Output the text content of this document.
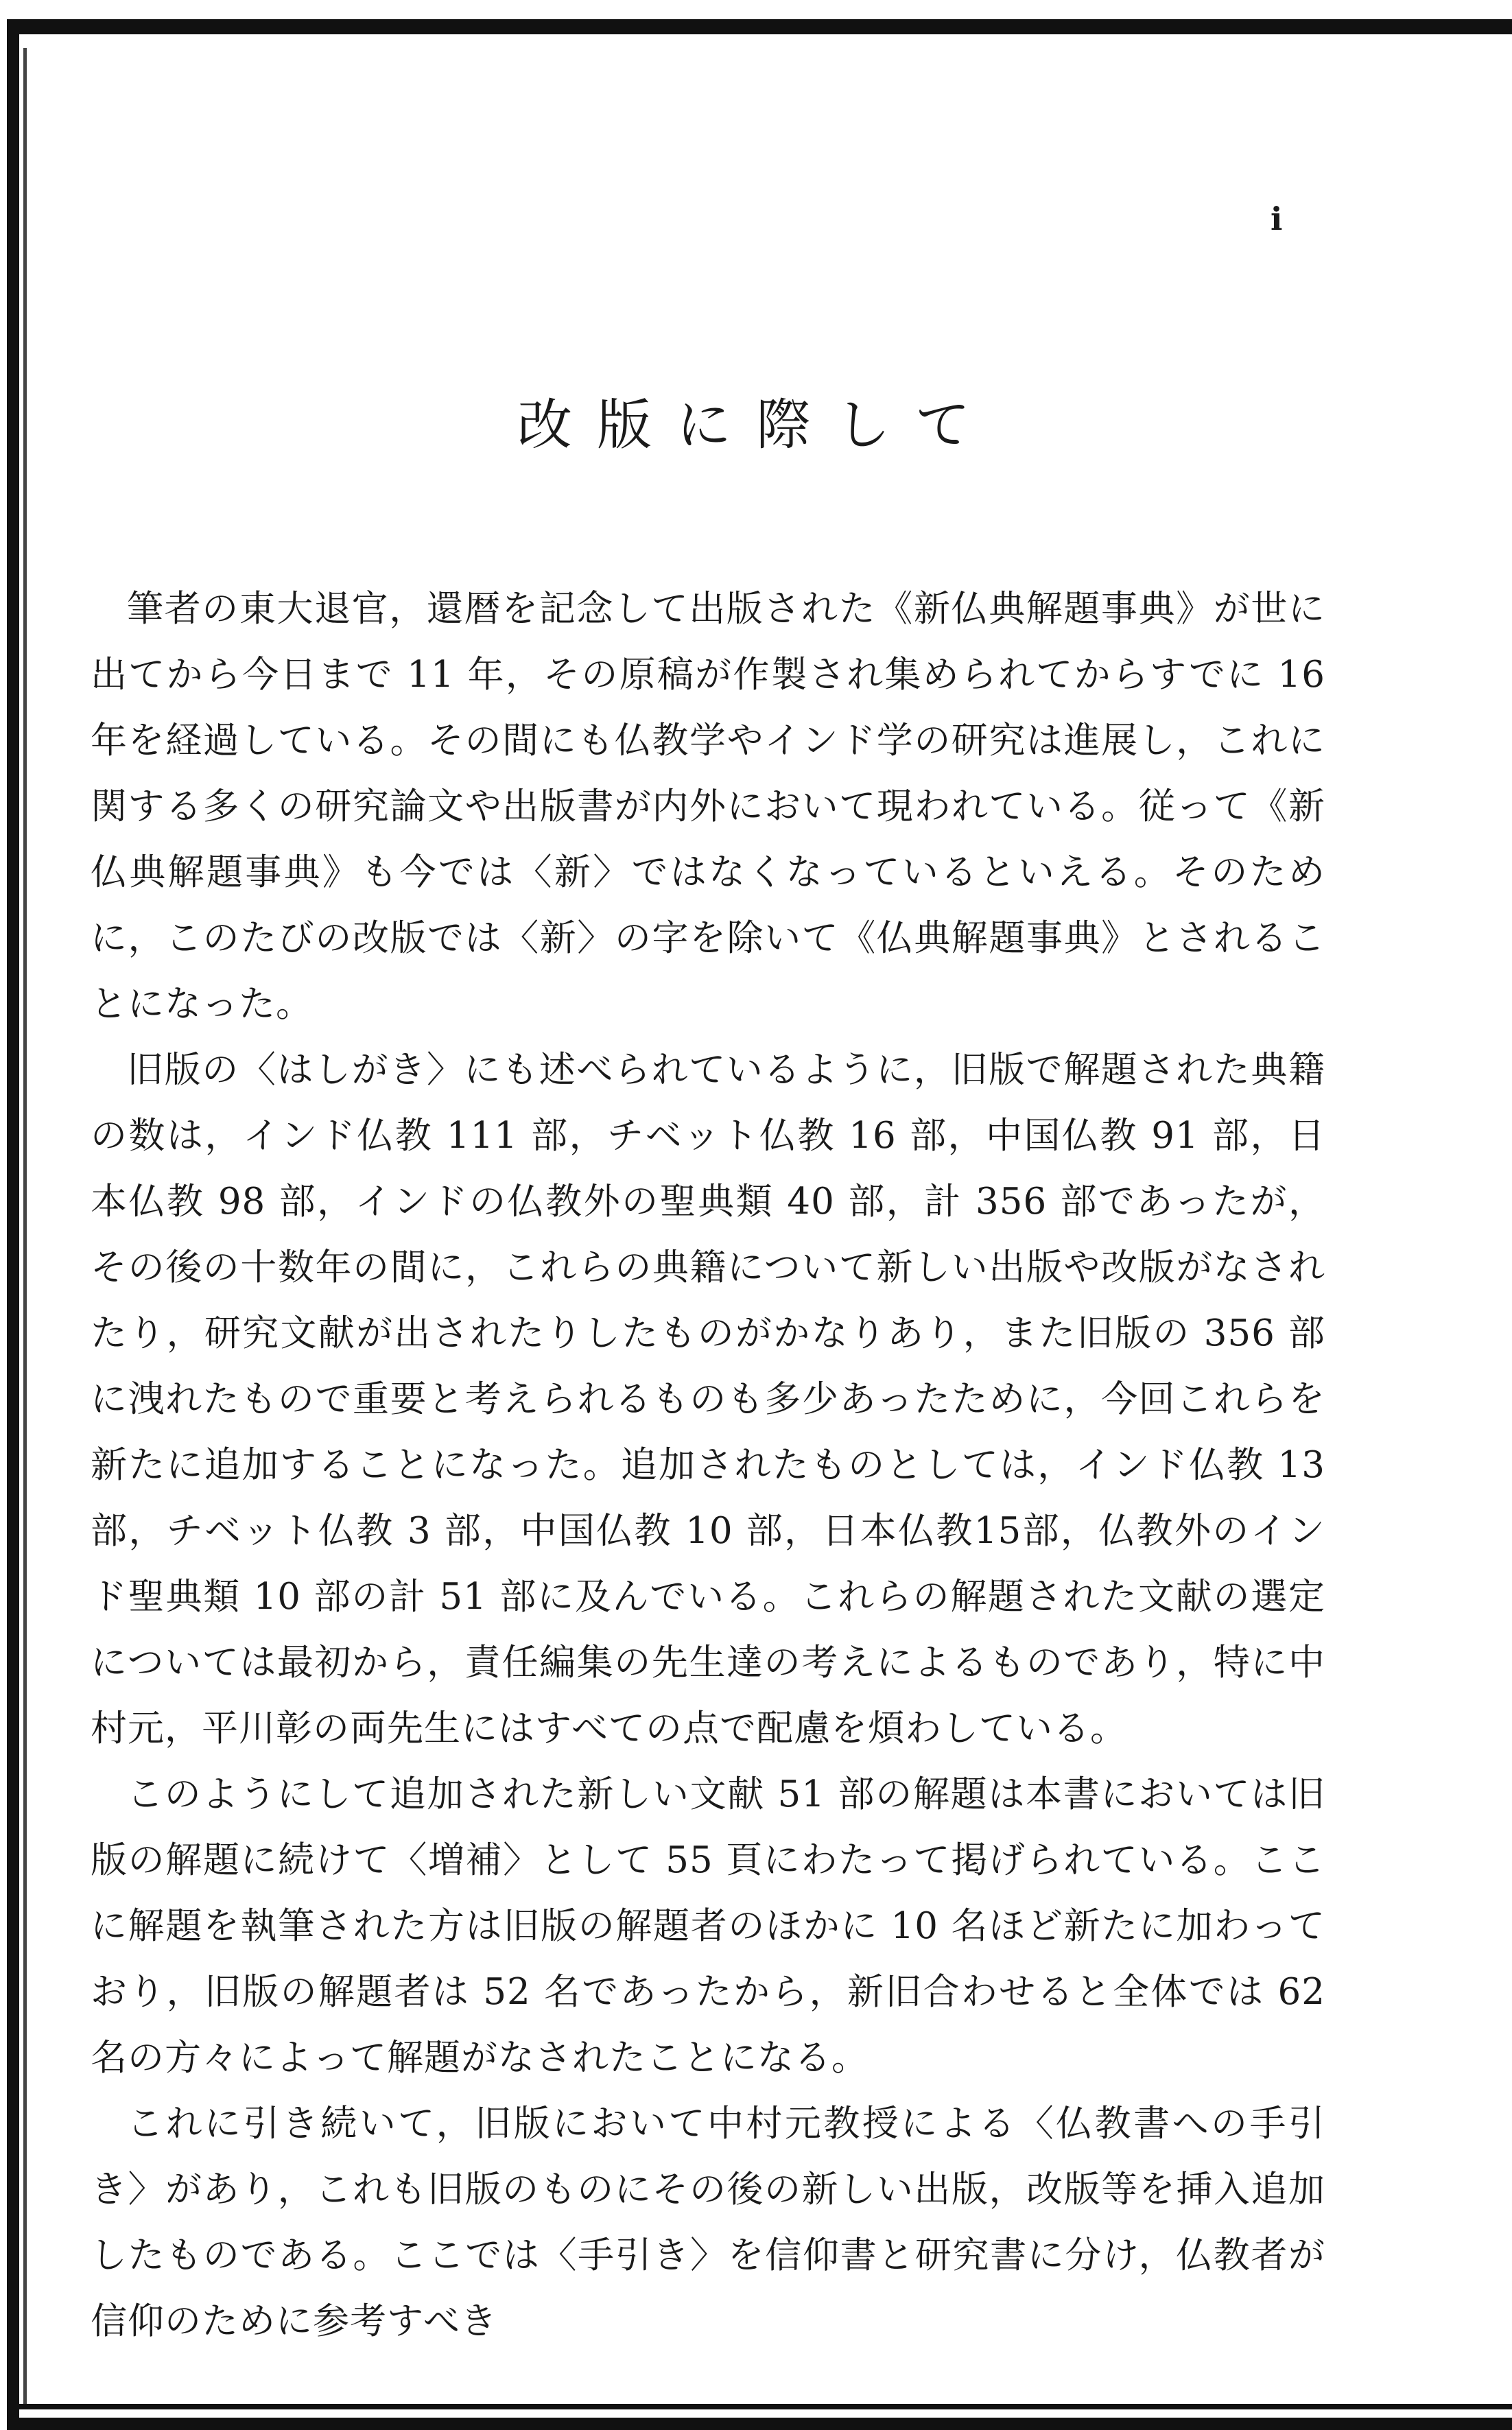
i
改版に際して

筆者の東大退官，還暦を記念して出版された《新仏典解題事典》が世に出てから今日まで 11 年，その原稿が作製され集められてからすでに 16 年を経過している。その間にも仏教学やインド学の研究は進展し，これに関する多くの研究論文や出版書が内外において現われている。従って《新仏典解題事典》も今では〈新〉ではなくなっているといえる。そのために，このたびの改版では〈新〉の字を除いて《仏典解題事典》とされることになった。

旧版の〈はしがき〉にも述べられているように，旧版で解題された典籍の数は，インド仏教 111 部，チベット仏教 16 部，中国仏教 91 部，日本仏教 98 部，インドの仏教外の聖典類 40 部，計 356 部であったが，その後の十数年の間に，これらの典籍について新しい出版や改版がなされたり，研究文献が出されたりしたものがかなりあり，また旧版の 356 部に洩れたもので重要と考えられるものも多少あったために，今回これらを新たに追加することになった。追加されたものとしては，インド仏教 13 部，チベット仏教 3 部，中国仏教 10 部，日本仏教15部，仏教外のインド聖典類 10 部の計 51 部に及んでいる。これらの解題された文献の選定については最初から，責任編集の先生達の考えによるものであり，特に中村元，平川彰の両先生にはすべての点で配慮を煩わしている。

このようにして追加された新しい文献 51 部の解題は本書においては旧版の解題に続けて〈増補〉として 55 頁にわたって掲げられている。ここに解題を執筆された方は旧版の解題者のほかに 10 名ほど新たに加わっており，旧版の解題者は 52 名であったから，新旧合わせると全体では 62 名の方々によって解題がなされたことになる。

これに引き続いて，旧版において中村元教授による〈仏教書への手引き〉があり，これも旧版のものにその後の新しい出版，改版等を挿入追加したものである。ここでは〈手引き〉を信仰書と研究書に分け，仏教者が信仰のために参考すべき
